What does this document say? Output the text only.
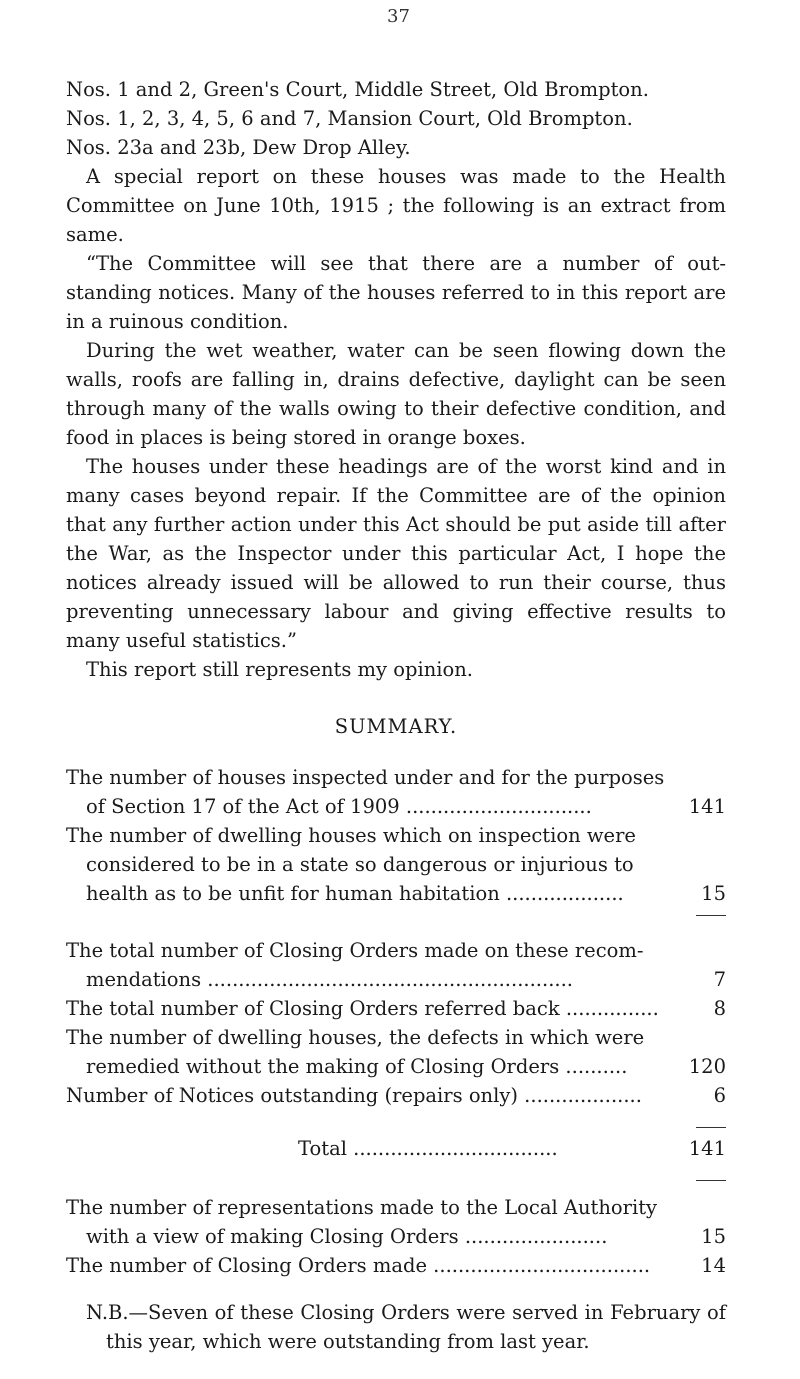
37
Nos. 1 and 2, Green's Court, Middle Street, Old Brompton.
Nos. 1, 2, 3, 4, 5, 6 and 7, Mansion Court, Old Brompton.
Nos. 23a and 23b, Dew Drop Alley.

A special report on these houses was made to the Health Committee on June 10th, 1915 ; the following is an extract from same.

“The Committee will see that there are a number of out-standing notices. Many of the houses referred to in this report are in a ruinous condition.

During the wet weather, water can be seen flowing down the walls, roofs are falling in, drains defective, daylight can be seen through many of the walls owing to their defective condition, and food in places is being stored in orange boxes.

The houses under these headings are of the worst kind and in many cases beyond repair. If the Committee are of the opinion that any further action under this Act should be put aside till after the War, as the Inspector under this particular Act, I hope the notices already issued will be allowed to run their course, thus preventing unnecessary labour and giving effective results to many useful statistics.”

This report still represents my opinion.

SUMMARY.
The number of houses inspected under and for the purposes of Section 17 of the Act of 1909 ..............................	141
The number of dwelling houses which on inspection were considered to be in a state so dangerous or injurious to health as to be unfit for human habitation ...................	15
The total number of Closing Orders made on these recom-mendations ...........................................................	7
The total number of Closing Orders referred back ...............	8
The number of dwelling houses, the defects in which were remedied without the making of Closing Orders ..........	120
Number of Notices outstanding (repairs only) ...................	6
Total .................................	141
The number of representations made to the Local Authority with a view of making Closing Orders .......................	15
The number of Closing Orders made ...................................	14
N.B.—Seven of these Closing Orders were served in February of this year, which were outstanding from last year.
